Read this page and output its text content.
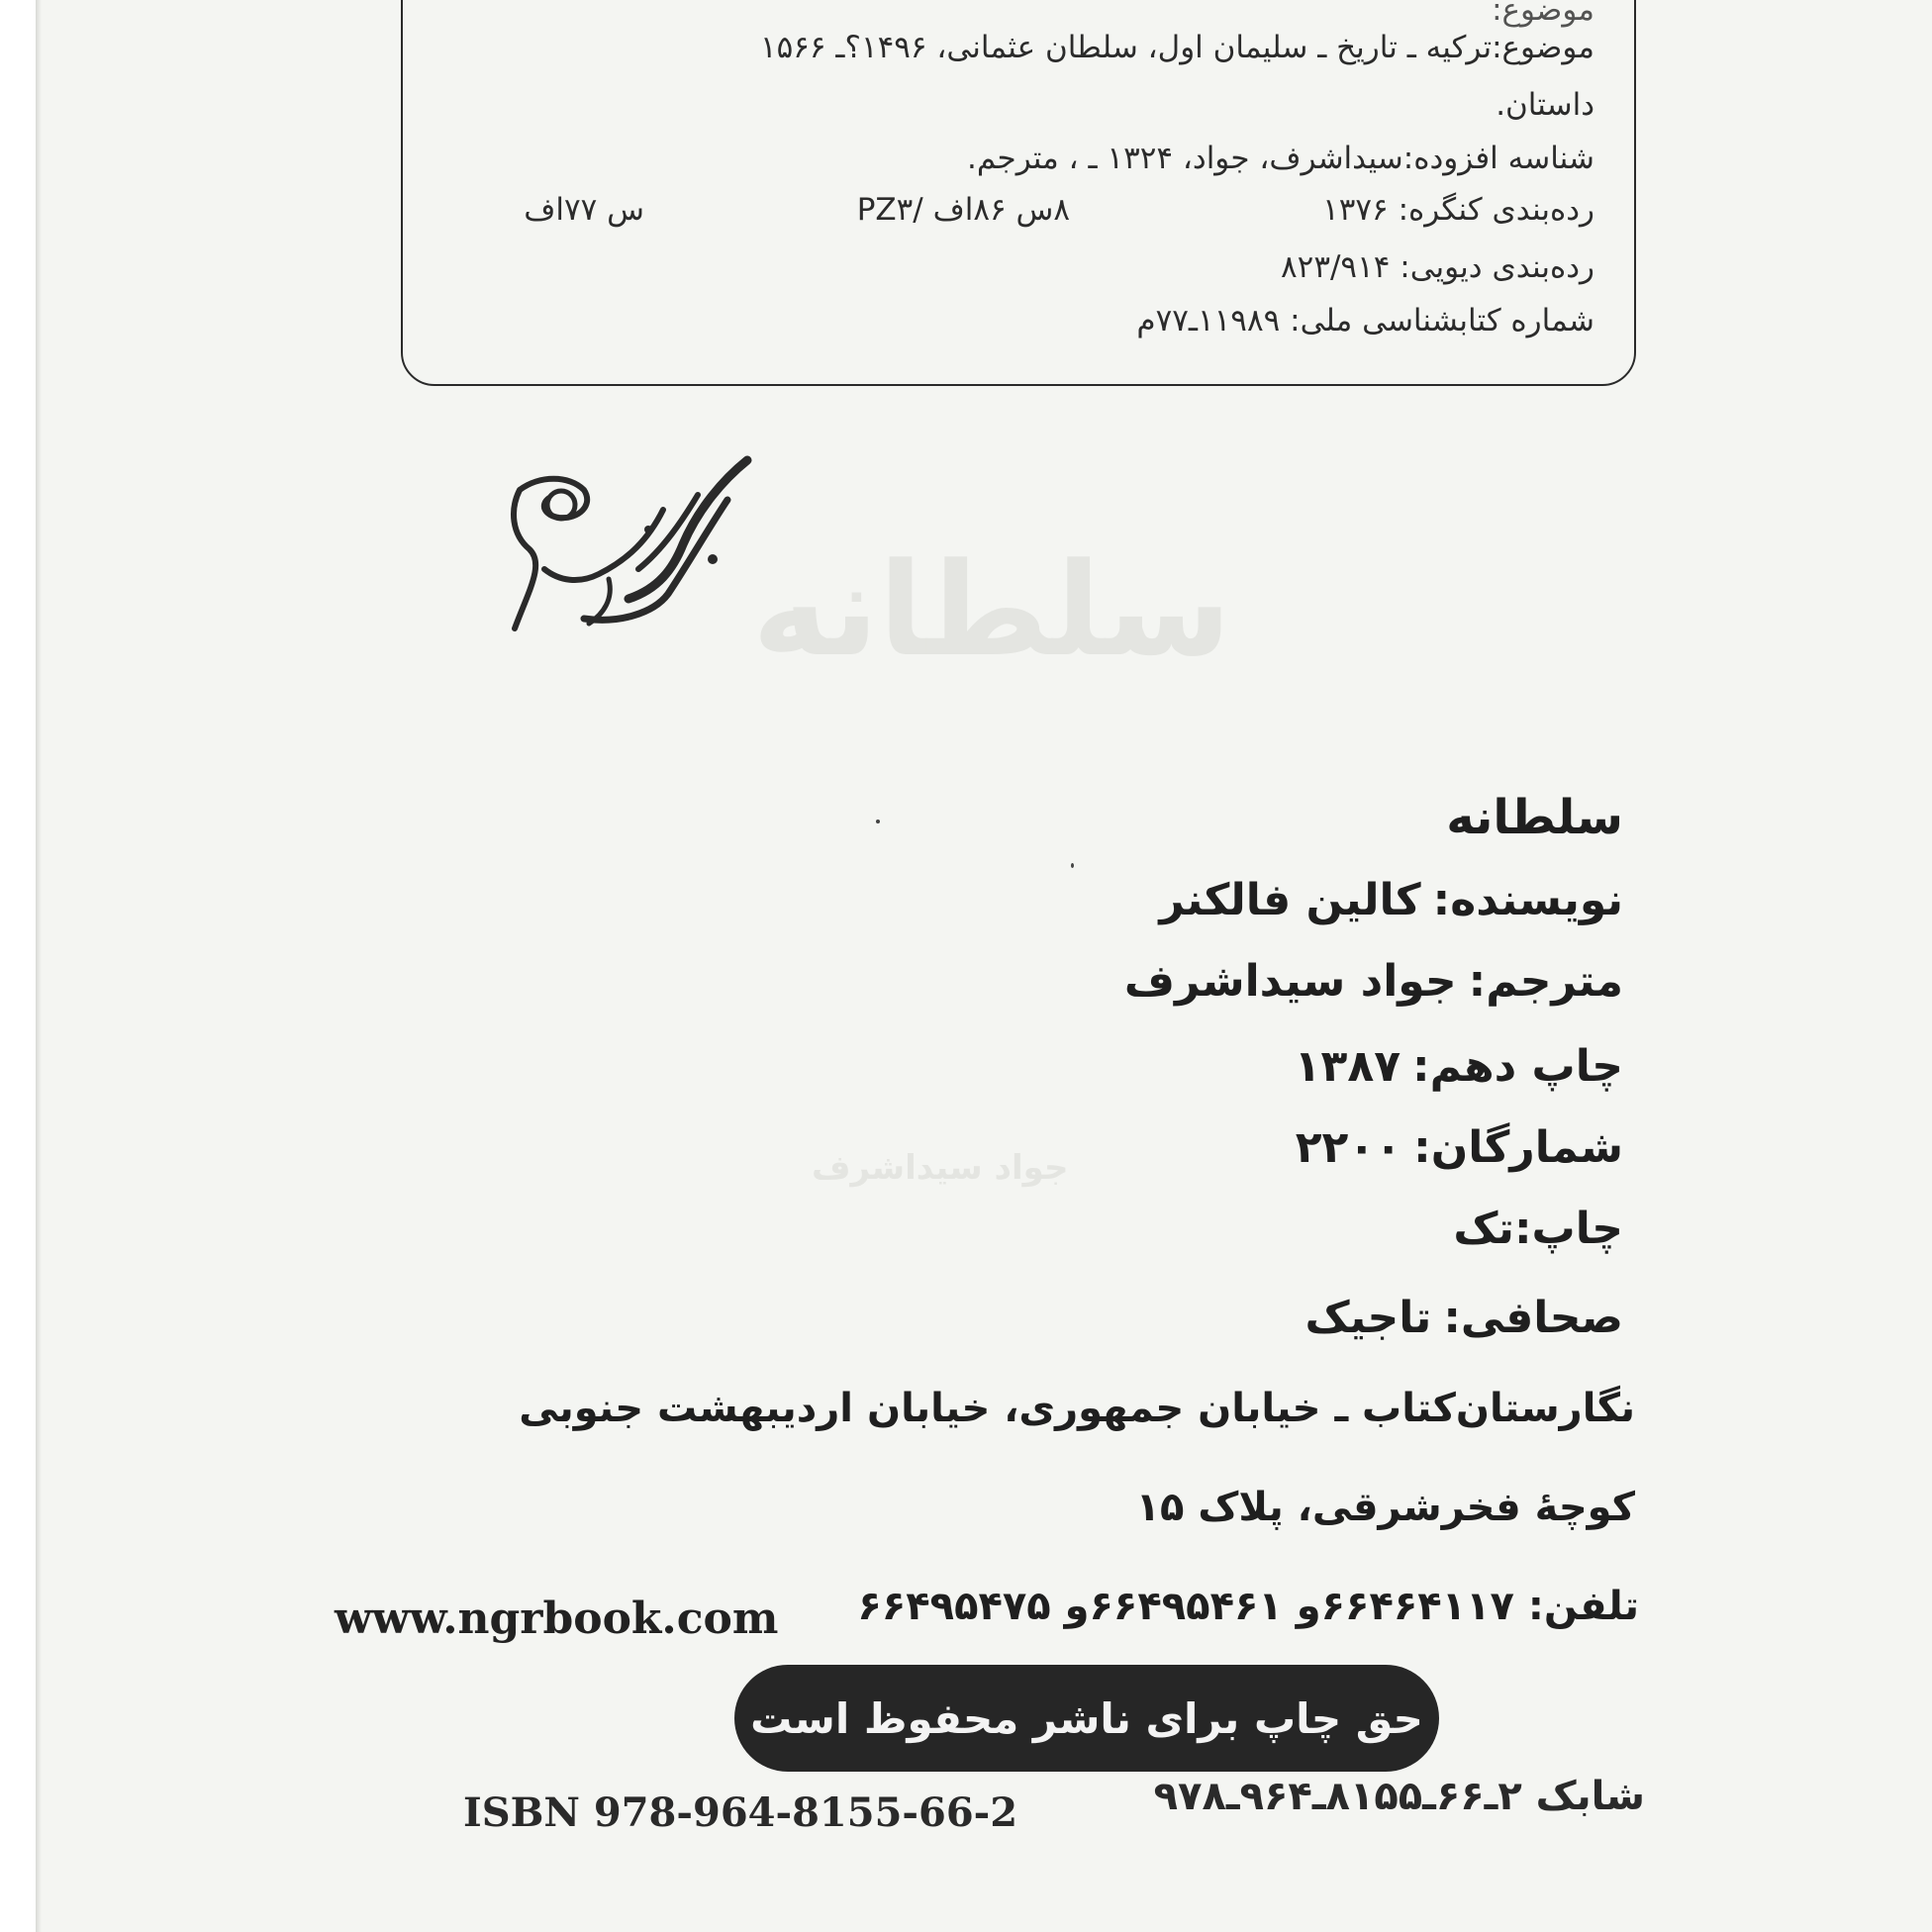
سلطانه
جواد سیداشرف

موضوع:

موضوع:ترکیه ـ تاریخ ـ سلیمان اول، سلطان عثمانی، ۱۴۹۶؟ـ ۱۵۶۶

داستان.

شناسه افزوده:سیداشرف، جواد، ۱۳۲۴ ـ ، مترجم.

رده‌بندی کنگره: ۱۳۷۶
۸س ۸۶اف /PZ۳
س ۷۷اف

رده‌بندی دیویی: ۸۲۳/۹۱۴

شماره کتابشناسی ملی: ۱۱۹۸۹ـ۷۷م

سلطانه

نویسنده:کالین فالکنر

مترجم:جواد سیداشرف

چاپ دهم:۱۳۸۷

شمارگان:۲۲۰۰

چاپ:تک

صحافی:تاجیک

نگارستان‌کتاب ـ خیابان جمهوری، خیابان اردیبهشت جنوبی

کوچهٔ فخرشرقی، پلاک ۱۵

تلفن: ۶۶۴۶۴۱۱۷و ۶۶۴۹۵۴۶۱و ۶۶۴۹۵۴۷۵

www.ngrbook.com
حق چاپ برای ناشر محفوظ است
ISBN 978-964-8155-66-2	شابک ۲ـ۶۶ـ۸۱۵۵ـ۹۶۴ـ۹۷۸
